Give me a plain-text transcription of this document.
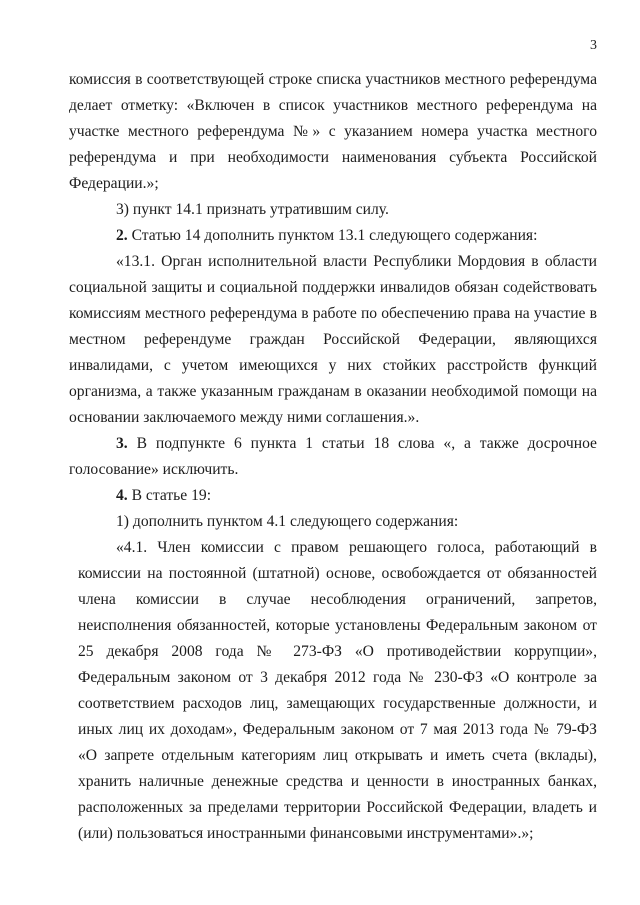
3
комиссия в соответствующей строке списка участников местного референдума
делает отметку: «Включен в список участников местного референдума на
участке местного референдума №» с указанием номера участка местного
референдума и при необходимости наименования субъекта Российской
Федерации.»;
3) пункт 14.1 признать утратившим силу.
2. Статью 14 дополнить пунктом 13.1 следующего содержания:
«13.1. Орган исполнительной власти Республики Мордовия в области
социальной защиты и социальной поддержки инвалидов обязан содействовать
комиссиям местного референдума в работе по обеспечению права на участие в
местном референдуме граждан Российской Федерации, являющихся
инвалидами, с учетом имеющихся у них стойких расстройств функций
организма, а также указанным гражданам в оказании необходимой помощи на
основании заключаемого между ними соглашения.».
3. В подпункте 6 пункта 1 статьи 18 слова «, а также досрочное
голосование» исключить.
4. В статье 19:
1) дополнить пунктом 4.1 следующего содержания:
«4.1. Член комиссии с правом решающего голоса, работающий в
комиссии на постоянной (штатной) основе, освобождается от обязанностей
члена комиссии в случае несоблюдения ограничений, запретов,
неисполнения обязанностей, которые установлены Федеральным законом от
25 декабря 2008 года № 273-ФЗ «О противодействии коррупции»,
Федеральным законом от 3 декабря 2012 года № 230-ФЗ «О контроле за
соответствием расходов лиц, замещающих государственные должности, и
иных лиц их доходам», Федеральным законом от 7 мая 2013 года № 79-ФЗ
«О запрете отдельным категориям лиц открывать и иметь счета (вклады),
хранить наличные денежные средства и ценности в иностранных банках,
расположенных за пределами территории Российской Федерации, владеть и
(или) пользоваться иностранными финансовыми инструментами».»;
